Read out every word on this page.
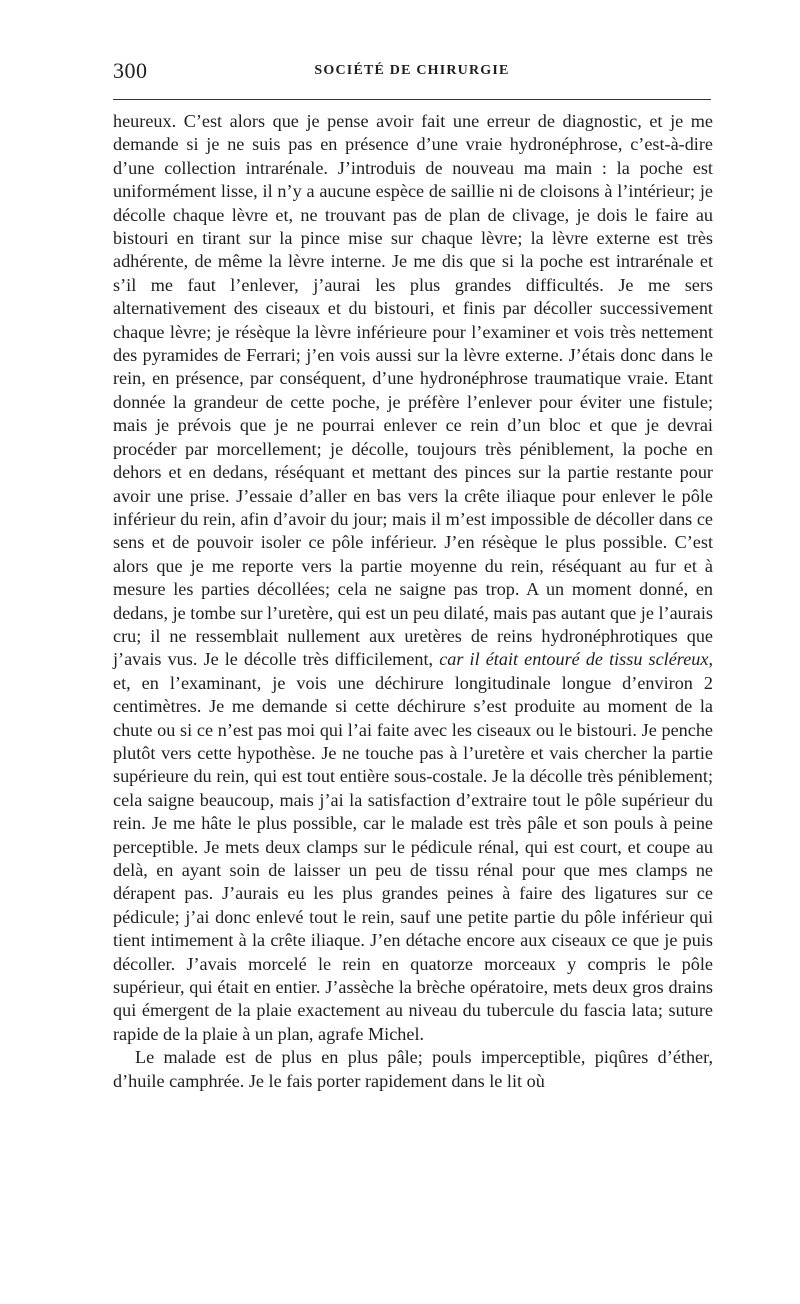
300	SOCIÉTÉ DE CHIRURGIE

heureux. C’est alors que je pense avoir fait une erreur de diagnostic, et je me demande si je ne suis pas en présence d’une vraie hydronéphrose, c’est-à-dire d’une collection intrarénale. J’introduis de nouveau ma main : la poche est uniformément lisse, il n’y a aucune espèce de saillie ni de cloisons à l’intérieur; je décolle chaque lèvre et, ne trouvant pas de plan de clivage, je dois le faire au bistouri en tirant sur la pince mise sur chaque lèvre; la lèvre externe est très adhérente, de même la lèvre interne. Je me dis que si la poche est intrarénale et s’il me faut l’enlever, j’aurai les plus grandes difficultés. Je me sers alternativement des ciseaux et du bistouri, et finis par décoller successivement chaque lèvre; je résèque la lèvre inférieure pour l’examiner et vois très nettement des pyramides de Ferrari; j’en vois aussi sur la lèvre externe. J’étais donc dans le rein, en présence, par conséquent, d’une hydronéphrose traumatique vraie. Etant donnée la grandeur de cette poche, je préfère l’enlever pour éviter une fistule; mais je prévois que je ne pourrai enlever ce rein d’un bloc et que je devrai procéder par morcellement; je décolle, toujours très péniblement, la poche en dehors et en dedans, réséquant et mettant des pinces sur la partie restante pour avoir une prise. J’essaie d’aller en bas vers la crête iliaque pour enlever le pôle inférieur du rein, afin d’avoir du jour; mais il m’est impossible de décoller dans ce sens et de pouvoir isoler ce pôle inférieur. J’en résèque le plus possible. C’est alors que je me reporte vers la partie moyenne du rein, réséquant au fur et à mesure les parties décollées; cela ne saigne pas trop. A un moment donné, en dedans, je tombe sur l’uretère, qui est un peu dilaté, mais pas autant que je l’aurais cru; il ne ressemblait nullement aux uretères de reins hydronéphrotiques que j’avais vus. Je le décolle très difficilement, car il était entouré de tissu scléreux, et, en l’examinant, je vois une déchirure longitudinale longue d’environ 2 centimètres. Je me demande si cette déchirure s’est produite au moment de la chute ou si ce n’est pas moi qui l’ai faite avec les ciseaux ou le bistouri. Je penche plutôt vers cette hypothèse. Je ne touche pas à l’uretère et vais chercher la partie supérieure du rein, qui est tout entière sous-costale. Je la décolle très péniblement; cela saigne beaucoup, mais j’ai la satisfaction d’extraire tout le pôle supérieur du rein. Je me hâte le plus possible, car le malade est très pâle et son pouls à peine perceptible. Je mets deux clamps sur le pédicule rénal, qui est court, et coupe au delà, en ayant soin de laisser un peu de tissu rénal pour que mes clamps ne dérapent pas. J’aurais eu les plus grandes peines à faire des ligatures sur ce pédicule; j’ai donc enlevé tout le rein, sauf une petite partie du pôle inférieur qui tient intimement à la crête iliaque. J’en détache encore aux ciseaux ce que je puis décoller. J’avais morcelé le rein en quatorze morceaux y compris le pôle supérieur, qui était en entier. J’assèche la brèche opératoire, mets deux gros drains qui émergent de la plaie exactement au niveau du tubercule du fascia lata; suture rapide de la plaie à un plan, agrafe Michel.

Le malade est de plus en plus pâle; pouls imperceptible, piqûres d’éther, d’huile camphrée. Je le fais porter rapidement dans le lit où
